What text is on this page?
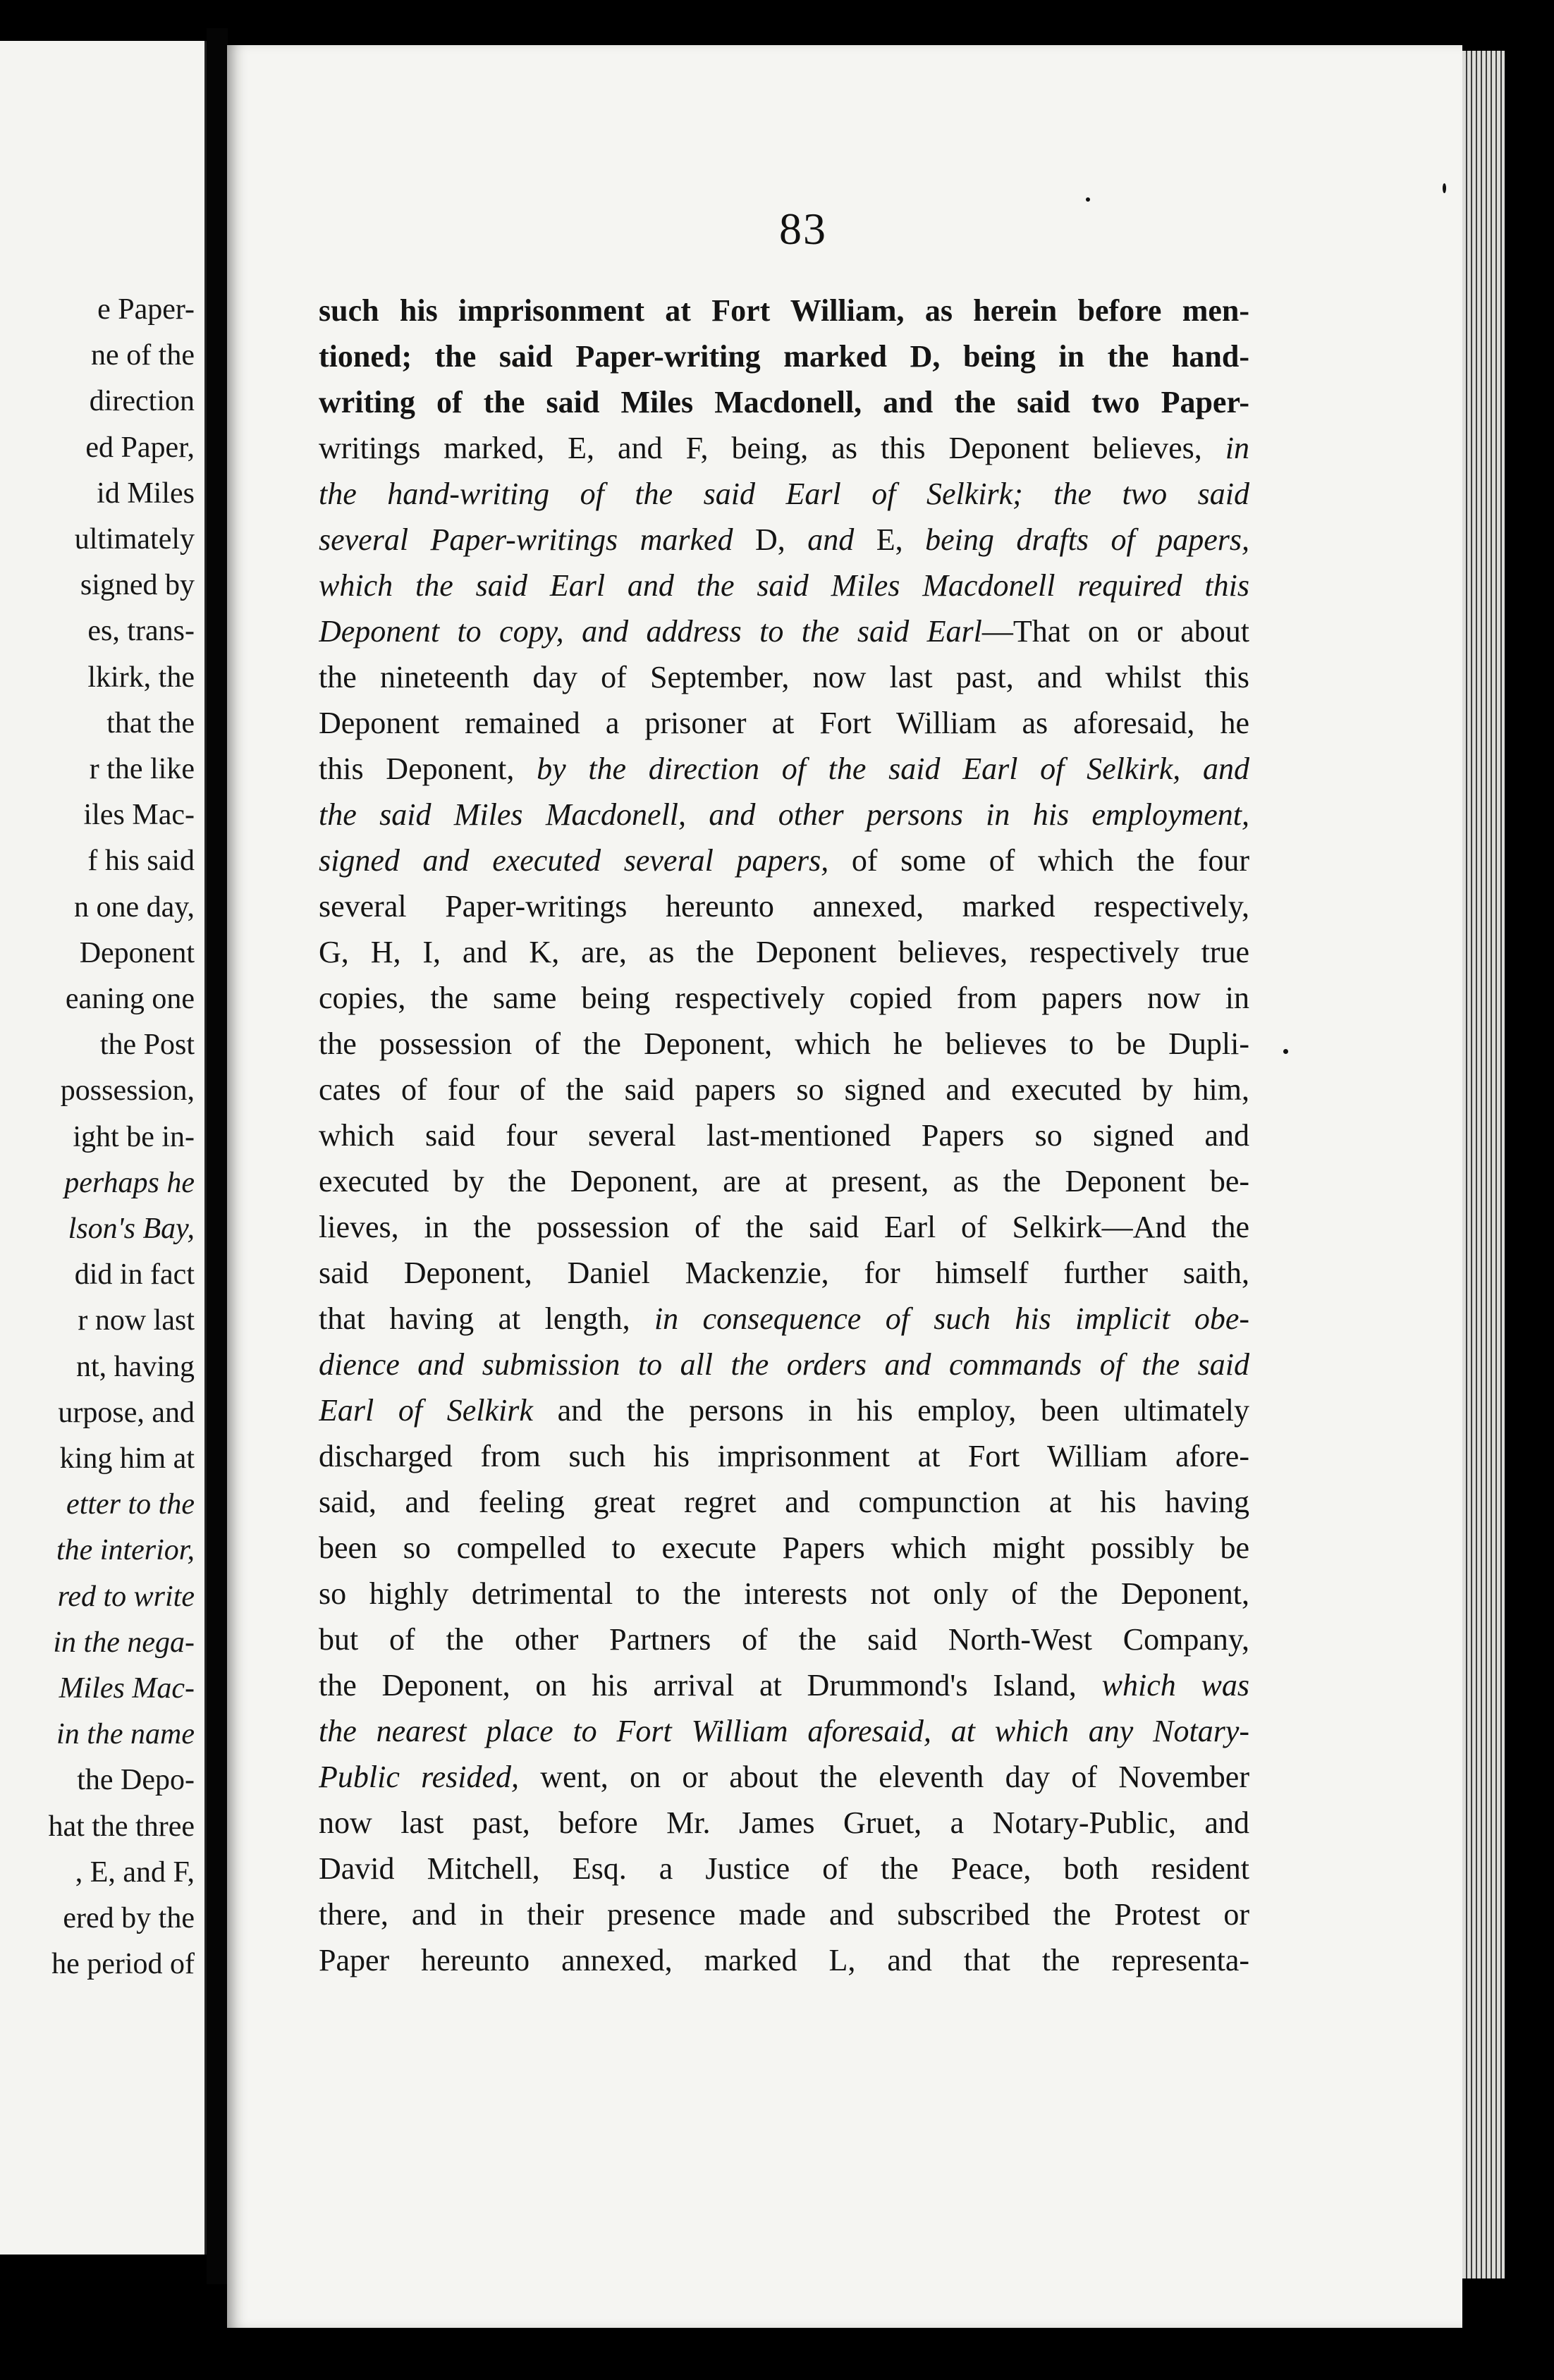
e Paper-
ne of the
direction
ed Paper,
id Miles
ultimately
signed by
es, trans-
lkirk, the
that the
r the like
iles Mac-
f his said
n one day,
Deponent
eaning one
the Post
possession,
ight be in-
perhaps he
lson's Bay,
did in fact
r now last
nt, having
urpose, and
king him at
etter to the
the interior,
red to write
in the nega-
Miles Mac-
in the name
the Depo-
hat the three
, E, and F,
ered by the
he period of
83
such his imprisonment at Fort William, as herein before men-
tioned; the said Paper-writing marked D, being in the hand-
writing of the said Miles Macdonell, and the said two Paper-
writings marked, E, and F, being, as this Deponent believes, in
the hand-writing of the said Earl of Selkirk; the two said
several Paper-writings marked D, and E, being drafts of papers,
which the said Earl and the said Miles Macdonell required this
Deponent to copy, and address to the said Earl—That on or about
the nineteenth day of September, now last past, and whilst this
Deponent remained a prisoner at Fort William as aforesaid, he
this Deponent, by the direction of the said Earl of Selkirk, and
the said Miles Macdonell, and other persons in his employment,
signed and executed several papers, of some of which the four
several Paper-writings hereunto annexed, marked respectively,
G, H, I, and K, are, as the Deponent believes, respectively true
copies, the same being respectively copied from papers now in
the possession of the Deponent, which he believes to be Dupli-
cates of four of the said papers so signed and executed by him,
which said four several last-mentioned Papers so signed and
executed by the Deponent, are at present, as the Deponent be-
lieves, in the possession of the said Earl of Selkirk—And the
said Deponent, Daniel Mackenzie, for himself further saith,
that having at length, in consequence of such his implicit obe-
dience and submission to all the orders and commands of the said
Earl of Selkirk and the persons in his employ, been ultimately
discharged from such his imprisonment at Fort William afore-
said, and feeling great regret and compunction at his having
been so compelled to execute Papers which might possibly be
so highly detrimental to the interests not only of the Deponent,
but of the other Partners of the said North-West Company,
the Deponent, on his arrival at Drummond's Island, which was
the nearest place to Fort William aforesaid, at which any Notary-
Public resided, went, on or about the eleventh day of November
now last past, before Mr. James Gruet, a Notary-Public, and
David Mitchell, Esq. a Justice of the Peace, both resident
there, and in their presence made and subscribed the Protest or
Paper hereunto annexed, marked L, and that the representa-
